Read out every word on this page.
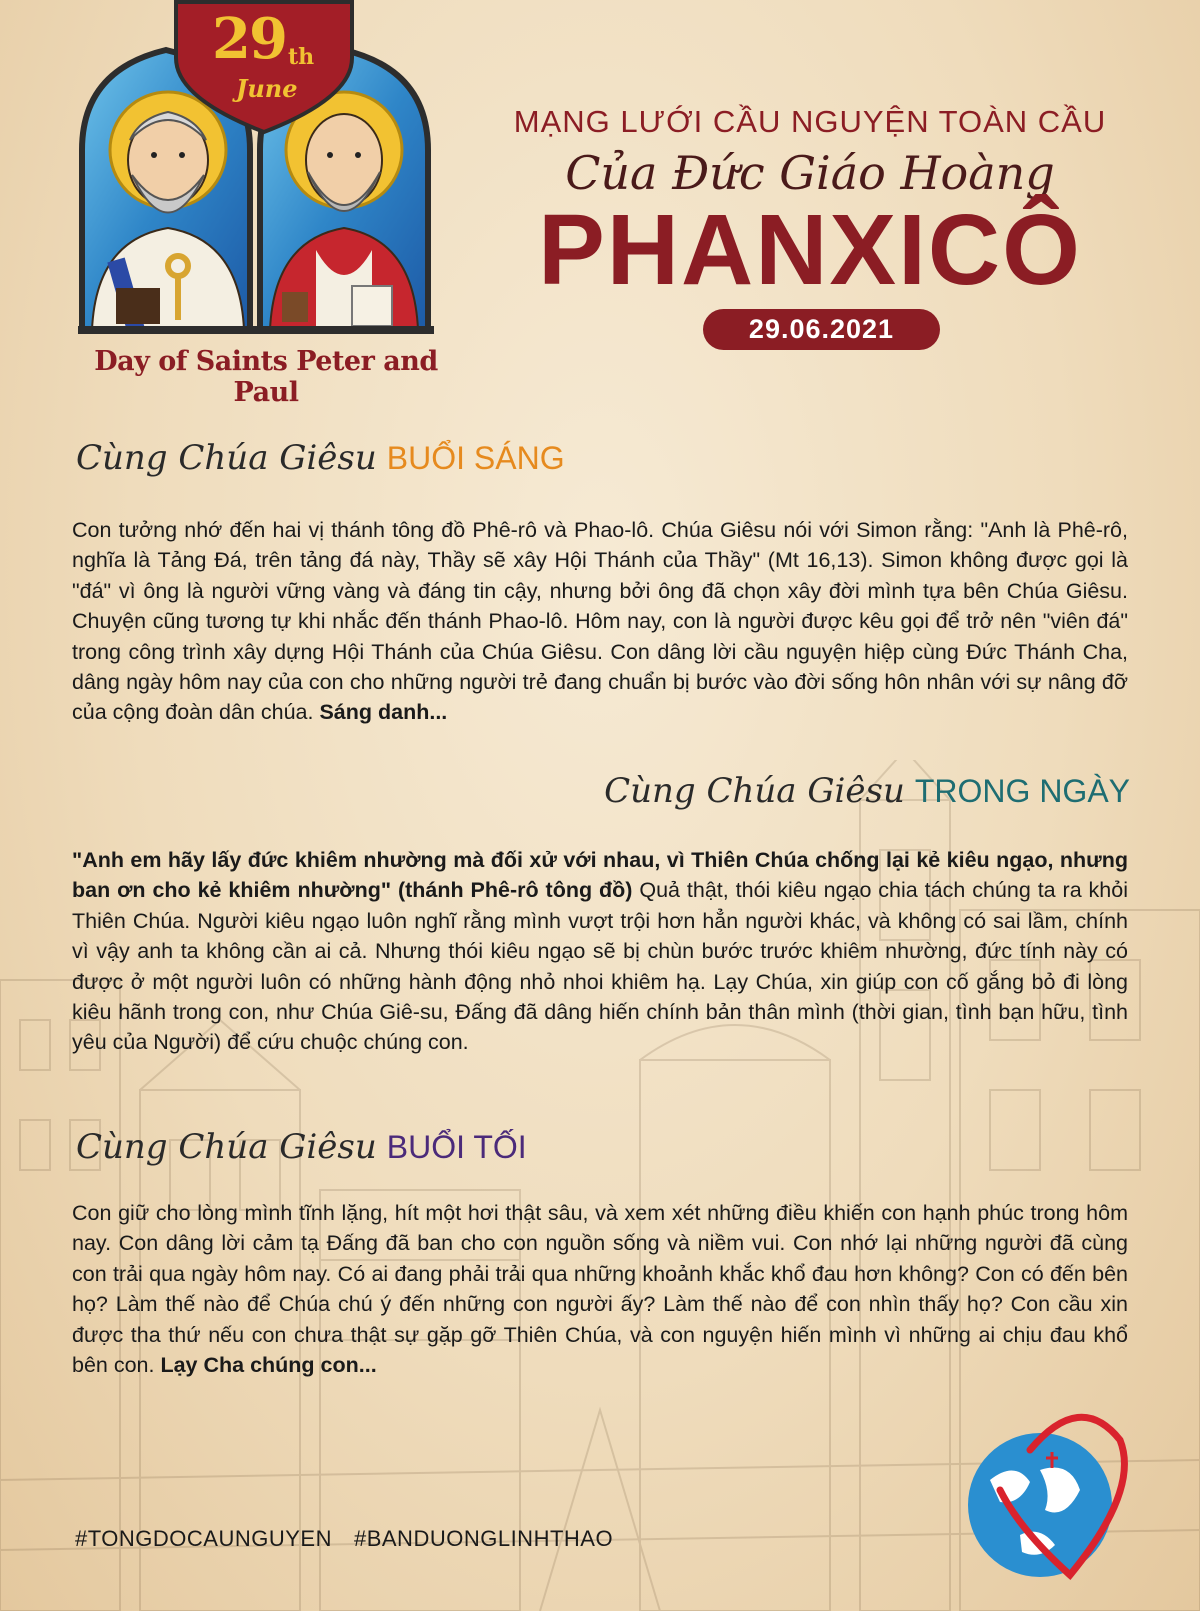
29 th
June
Day of Saints Peter and Paul
MẠNG LƯỚI CẦU NGUYỆN TOÀN CẦU
Của Đức Giáo Hoàng
PHANXICÔ
29.06.2021
Cùng Chúa Giêsu BUỔI SÁNG

Con tưởng nhớ đến hai vị thánh tông đồ Phê-rô và Phao-lô. Chúa Giêsu nói với Simon rằng: "Anh là Phê-rô, nghĩa là Tảng Đá, trên tảng đá này, Thầy sẽ xây Hội Thánh của Thầy" (Mt 16,13). Simon không được gọi là "đá" vì ông là người vững vàng và đáng tin cậy, nhưng bởi ông đã chọn xây đời mình tựa bên Chúa Giêsu. Chuyện cũng tương tự khi nhắc đến thánh Phao-lô. Hôm nay, con là người được kêu gọi để trở nên "viên đá" trong công trình xây dựng Hội Thánh của Chúa Giêsu. Con dâng lời cầu nguyện hiệp cùng Đức Thánh Cha, dâng ngày hôm nay của con cho những người trẻ đang chuẩn bị bước vào đời sống hôn nhân với sự nâng đỡ của cộng đoàn dân chúa. Sáng danh...

Cùng Chúa Giêsu TRONG NGÀY

"Anh em hãy lấy đức khiêm nhường mà đối xử với nhau, vì Thiên Chúa chống lại kẻ kiêu ngạo, nhưng ban ơn cho kẻ khiêm nhường" (thánh Phê-rô tông đồ) Quả thật, thói kiêu ngạo chia tách chúng ta ra khỏi Thiên Chúa. Người kiêu ngạo luôn nghĩ rằng mình vượt trội hơn hẳn người khác, và không có sai lầm, chính vì vậy anh ta không cần ai cả. Nhưng thói kiêu ngạo sẽ bị chùn bước trước khiêm nhường, đức tính này có được ở một người luôn có những hành động nhỏ nhoi khiêm hạ. Lạy Chúa, xin giúp con cố gắng bỏ đi lòng kiêu hãnh trong con, như Chúa Giê-su, Đấng đã dâng hiến chính bản thân mình (thời gian, tình bạn hữu, tình yêu của Người) để cứu chuộc chúng con.

Cùng Chúa Giêsu BUỔI TỐI

Con giữ cho lòng mình tĩnh lặng, hít một hơi thật sâu, và xem xét những điều khiến con hạnh phúc trong hôm nay. Con dâng lời cảm tạ Đấng đã ban cho con nguồn sống và niềm vui. Con nhớ lại những người đã cùng con trải qua ngày hôm nay. Có ai đang phải trải qua những khoảnh khắc khổ đau hơn không? Con có đến bên họ? Làm thế nào để Chúa chú ý đến những con người ấy? Làm thế nào để con nhìn thấy họ? Con cầu xin được tha thứ nếu con chưa thật sự gặp gỡ Thiên Chúa, và con nguyện hiến mình vì những ai chịu đau khổ bên con. Lạy Cha chúng con...

#TONGDOCAUNGUYEN #BANDUONGLINHTHAO
